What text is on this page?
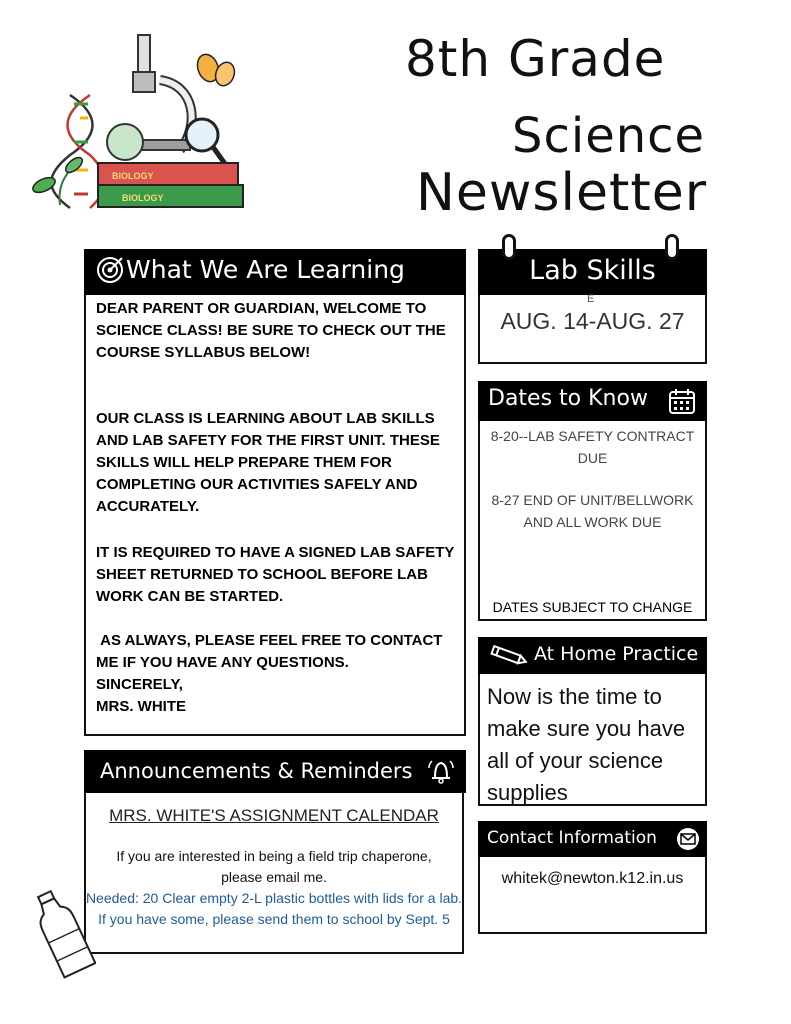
BIOLOGY
BIOLOGY
8th Grade
Science
Newsletter
What We Are Learning
DEAR PARENT OR GUARDIAN, WELCOME TO SCIENCE CLASS! BE SURE TO CHECK OUT THE COURSE SYLLABUS BELOW!
OUR CLASS IS LEARNING ABOUT LAB SKILLS AND LAB SAFETY FOR THE FIRST UNIT. THESE SKILLS WILL HELP PREPARE THEM FOR COMPLETING OUR ACTIVITIES SAFELY AND ACCURATELY.
IT IS REQUIRED TO HAVE A SIGNED LAB SAFETY SHEET RETURNED TO SCHOOL BEFORE LAB WORK CAN BE STARTED.
AS ALWAYS, PLEASE FEEL FREE TO CONTACT ME IF YOU HAVE ANY QUESTIONS.
SINCERELY,
MRS. WHITE
Lab Skills
E
AUG. 14-AUG. 27
Dates to Know
8-20--LAB SAFETY CONTRACT DUE
8-27 END OF UNIT/BELLWORK AND ALL WORK DUE
DATES SUBJECT TO CHANGE
At Home Practice
Now is the time to make sure you have all of your science supplies
Contact Information
whitek@newton.k12.in.us
Announcements & Reminders
MRS. WHITE'S ASSIGNMENT CALENDAR
If you are interested in being a field trip chaperone, please email me.
Needed: 20 Clear empty 2-L plastic bottles with lids for a lab. If you have some, please send them to school by Sept. 5
